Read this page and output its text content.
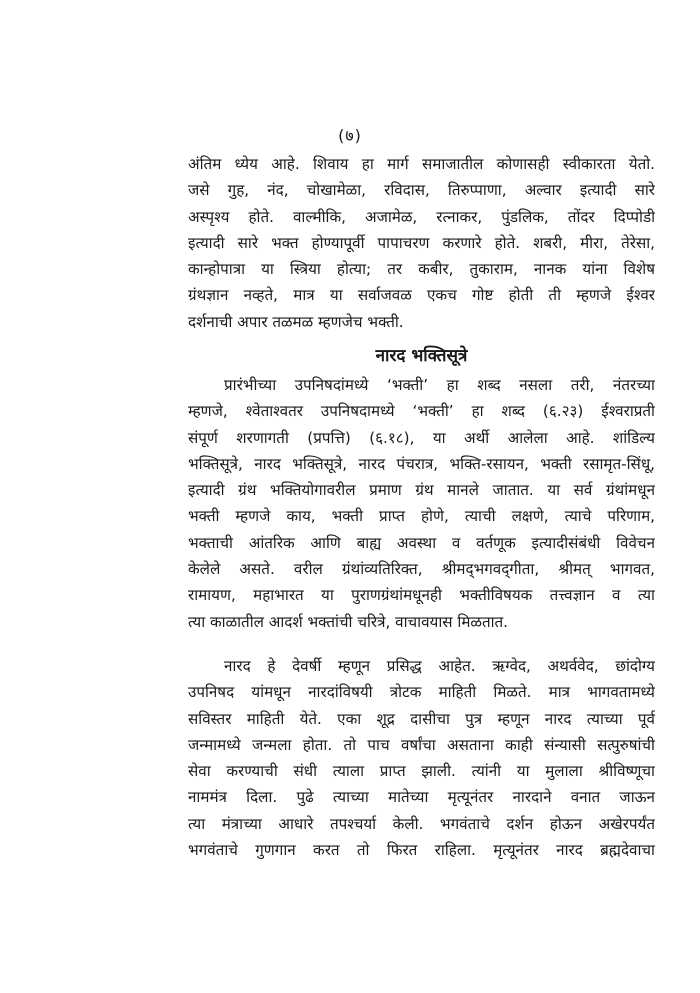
(७)
अंतिम ध्येय आहे. शिवाय हा मार्ग समाजातील कोणासही स्वीकारता येतो.
जसे गुह, नंद, चोखामेळा, रविदास, तिरुप्पाणा, अल्वार इत्यादी सारे
अस्पृश्य होते. वाल्मीकि, अजामेळ, रत्नाकर, पुंडलिक, तोंदर दिप्पोडी
इत्यादी सारे भक्त होण्यापूर्वी पापाचरण करणारे होते. शबरी, मीरा, तेरेसा,
कान्होपात्रा या स्त्रिया होत्या; तर कबीर, तुकाराम, नानक यांना विशेष
ग्रंथज्ञान नव्हते, मात्र या सर्वाजवळ एकच गोष्ट होती ती म्हणजे ईश्वर
दर्शनाची अपार तळमळ म्हणजेच भक्ती.
नारद भक्तिसूत्रे
प्रारंभीच्या उपनिषदांमध्ये ‘भक्ती’ हा शब्द नसला तरी, नंतरच्या
म्हणजे, श्वेताश्वतर उपनिषदामध्ये ‘भक्ती’ हा शब्द (६.२३) ईश्वराप्रती
संपूर्ण शरणागती (प्रपत्ति) (६.१८), या अर्थी आलेला आहे. शांडिल्य
भक्तिसूत्रे, नारद भक्तिसूत्रे, नारद पंचरात्र, भक्ति-रसायन, भक्ती रसामृत-सिंधू,
इत्यादी ग्रंथ भक्तियोगावरील प्रमाण ग्रंथ मानले जातात. या सर्व ग्रंथांमधून
भक्ती म्हणजे काय, भक्ती प्राप्त होणे, त्याची लक्षणे, त्याचे परिणाम,
भक्ताची आंतरिक आणि बाह्य अवस्था व वर्तणूक इत्यादीसंबंधी विवेचन
केलेले असते. वरील ग्रंथांव्यतिरिक्त, श्रीमद्‌भगवद्‌गीता, श्रीमत् भागवत,
रामायण, महाभारत या पुराणग्रंथांमधूनही भक्तीविषयक तत्त्वज्ञान व त्या
त्या काळातील आदर्श भक्तांची चरित्रे, वाचावयास मिळतात.
नारद हे देवर्षी म्हणून प्रसिद्ध आहेत. ऋग्वेद, अथर्ववेद, छांदोग्य
उपनिषद यांमधून नारदांविषयी त्रोटक माहिती मिळते. मात्र भागवतामध्ये
सविस्तर माहिती येते. एका शूद्र दासीचा पुत्र म्हणून नारद त्याच्या पूर्व
जन्मामध्ये जन्मला होता. तो पाच वर्षांचा असताना काही संन्यासी सत्पुरुषांची
सेवा करण्याची संधी त्याला प्राप्त झाली. त्यांनी या मुलाला श्रीविष्णूचा
नाममंत्र दिला. पुढे त्याच्या मातेच्या मृत्यूनंतर नारदाने वनात जाऊन
त्या मंत्राच्या आधारे तपश्चर्या केली. भगवंताचे दर्शन होऊन अखेरपर्यंत
भगवंताचे गुणगान करत तो फिरत राहिला. मृत्यूनंतर नारद ब्रह्मदेवाचा
